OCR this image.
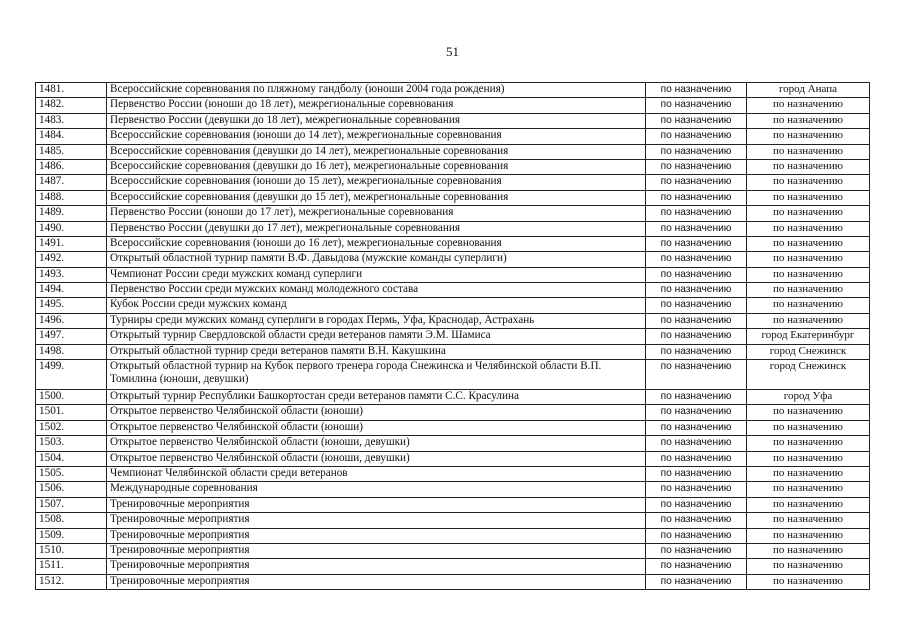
51
1481.	Всероссийские соревнования по пляжному гандболу (юноши 2004 года рождения)	по назначению	город Анапа
1482.	Первенство России (юноши до 18 лет), межрегиональные соревнования	по назначению	по назначению
1483.	Первенство России (девушки до 18 лет), межрегиональные соревнования	по назначению	по назначению
1484.	Всероссийские соревнования (юноши до 14 лет), межрегиональные соревнования	по назначению	по назначению
1485.	Всероссийские соревнования (девушки до 14 лет), межрегиональные соревнования	по назначению	по назначению
1486.	Всероссийские соревнования (девушки до 16 лет), межрегиональные соревнования	по назначению	по назначению
1487.	Всероссийские соревнования (юноши до 15 лет), межрегиональные соревнования	по назначению	по назначению
1488.	Всероссийские соревнования (девушки до 15 лет), межрегиональные соревнования	по назначению	по назначению
1489.	Первенство России (юноши до 17 лет), межрегиональные соревнования	по назначению	по назначению
1490.	Первенство России (девушки до 17 лет), межрегиональные соревнования	по назначению	по назначению
1491.	Всероссийские соревнования (юноши до 16 лет), межрегиональные соревнования	по назначению	по назначению
1492.	Открытый областной турнир памяти В.Ф. Давыдова (мужские команды суперлиги)	по назначению	по назначению
1493.	Чемпионат России среди мужских команд суперлиги	по назначению	по назначению
1494.	Первенство России среди мужских команд молодежного состава	по назначению	по назначению
1495.	Кубок России среди мужских команд	по назначению	по назначению
1496.	Турниры среди мужских команд суперлиги в городах Пермь, Уфа, Краснодар, Астрахань	по назначению	по назначению
1497.	Открытый турнир Свердловской области среди ветеранов памяти Э.М. Шамиса	по назначению	город Екатеринбург
1498.	Открытый областной турнир среди ветеранов памяти В.Н. Какушкина	по назначению	город Снежинск
1499.	Открытый областной турнир на Кубок первого тренера города Снежинска и Челябинской области В.П. Томилина (юноши, девушки)	по назначению	город Снежинск
1500.	Открытый турнир Республики Башкортостан среди ветеранов памяти С.С. Красулина	по назначению	город Уфа
1501.	Открытое первенство Челябинской области (юноши)	по назначению	по назначению
1502.	Открытое первенство Челябинской области (юноши)	по назначению	по назначению
1503.	Открытое первенство Челябинской области (юноши, девушки)	по назначению	по назначению
1504.	Открытое первенство Челябинской области (юноши, девушки)	по назначению	по назначению
1505.	Чемпионат Челябинской области среди ветеранов	по назначению	по назначению
1506.	Международные соревнования	по назначению	по назначению
1507.	Тренировочные мероприятия	по назначению	по назначению
1508.	Тренировочные мероприятия	по назначению	по назначению
1509.	Тренировочные мероприятия	по назначению	по назначению
1510.	Тренировочные мероприятия	по назначению	по назначению
1511.	Тренировочные мероприятия	по назначению	по назначению
1512.	Тренировочные мероприятия	по назначению	по назначению
